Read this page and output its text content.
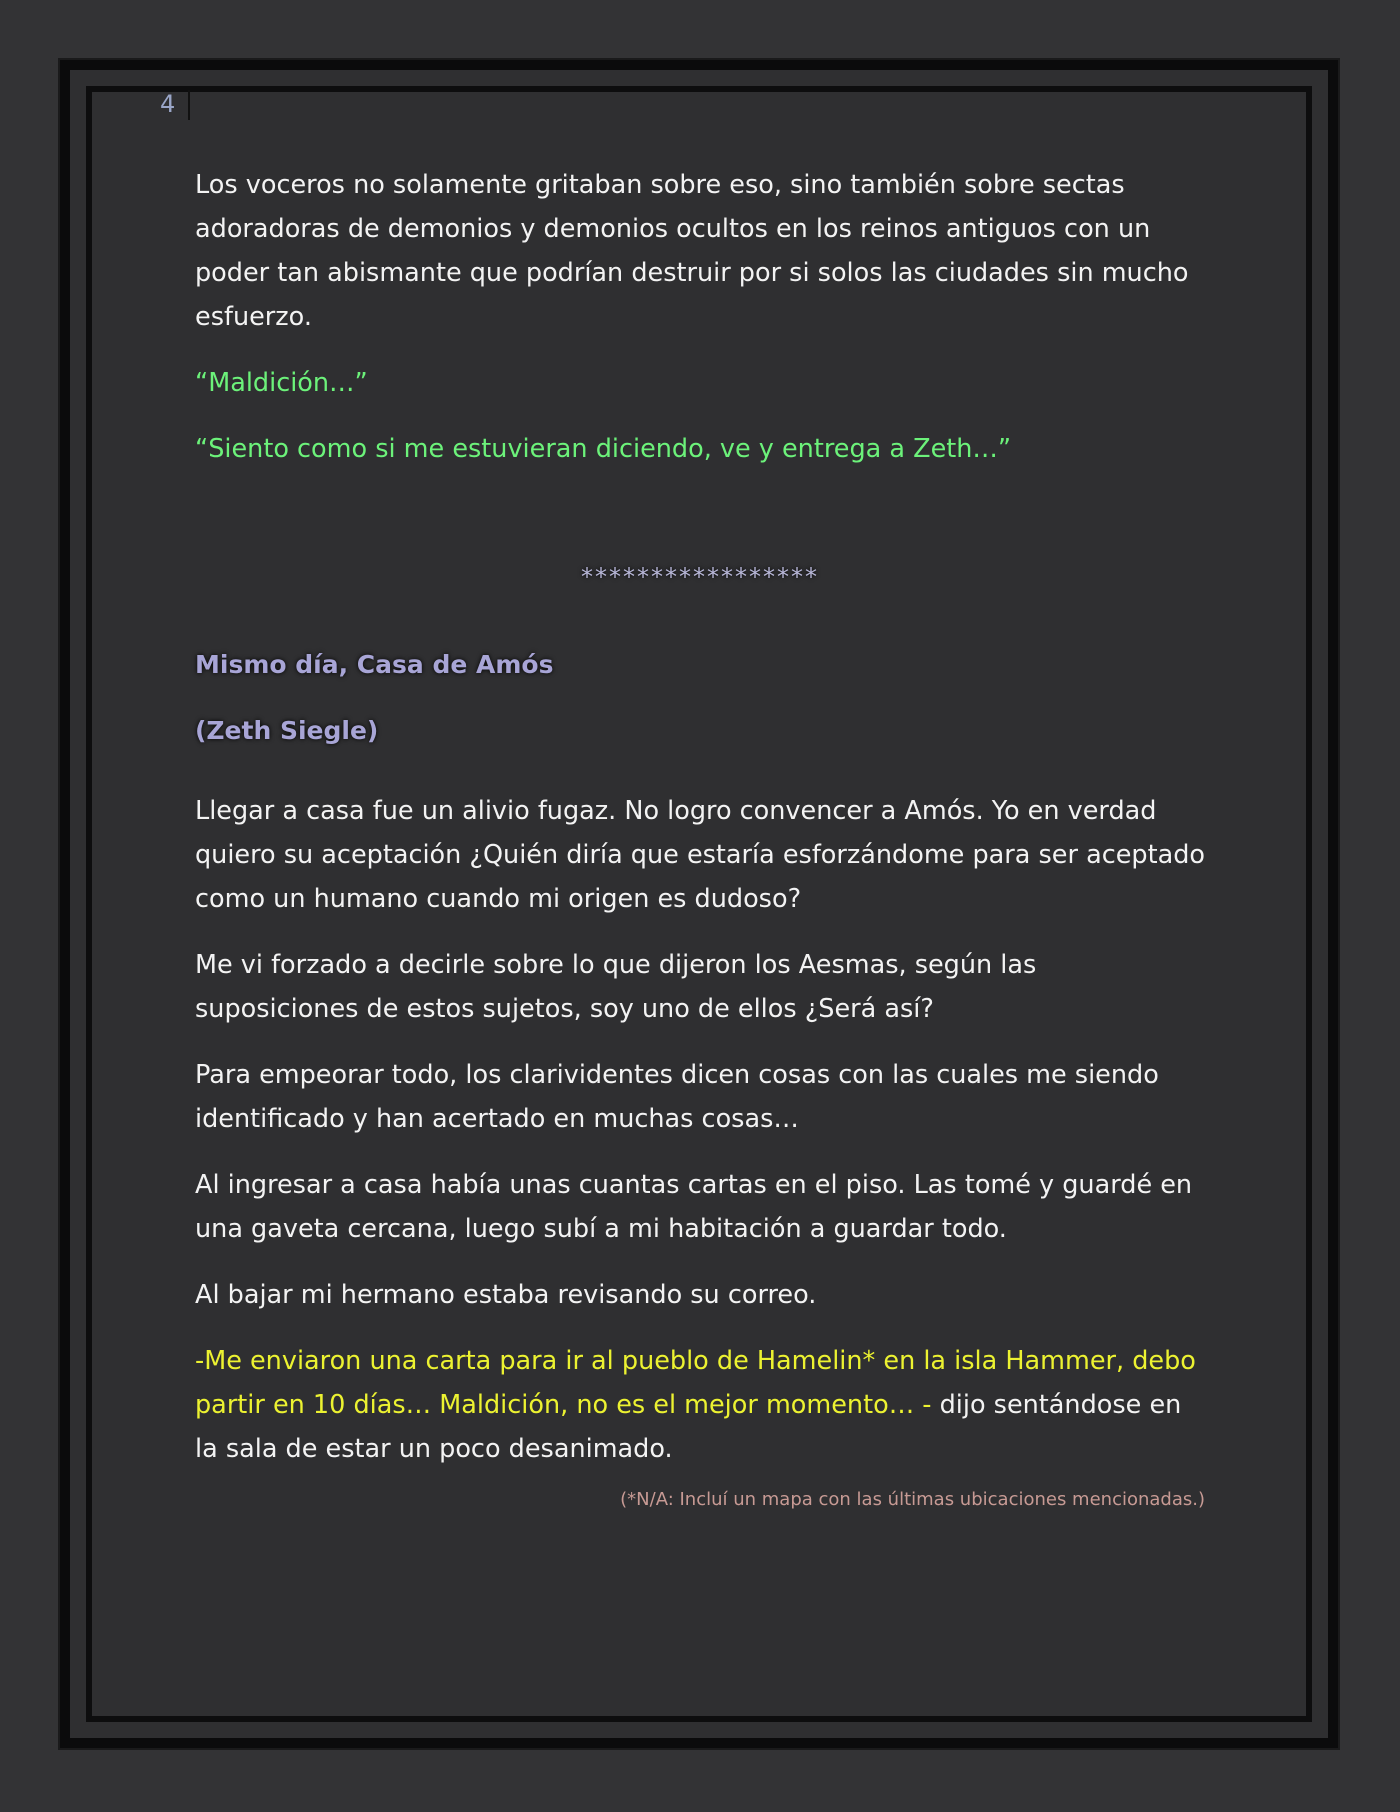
4

Los voceros no solamente gritaban sobre eso, sino también sobre sectas adoradoras de demonios y demonios ocultos en los reinos antiguos con un poder tan abismante que podrían destruir por si solos las ciudades sin mucho esfuerzo.

“Maldición…”

“Siento como si me estuvieran diciendo, ve y entrega a Zeth…”

*****************

Mismo día, Casa de Amós

(Zeth Siegle)

Llegar a casa fue un alivio fugaz. No logro convencer a Amós. Yo en verdad quiero su aceptación ¿Quién diría que estaría esforzándome para ser aceptado como un humano cuando mi origen es dudoso?

Me vi forzado a decirle sobre lo que dijeron los Aesmas, según las suposiciones de estos sujetos, soy uno de ellos ¿Será así?

Para empeorar todo, los clarividentes dicen cosas con las cuales me siendo identificado y han acertado en muchas cosas…

Al ingresar a casa había unas cuantas cartas en el piso. Las tomé y guardé en una gaveta cercana, luego subí a mi habitación a guardar todo.

Al bajar mi hermano estaba revisando su correo.

-Me enviaron una carta para ir al pueblo de Hamelin* en la isla Hammer, debo partir en 10 días… Maldición, no es el mejor momento… - dijo sentándose en la sala de estar un poco desanimado.

(*N/A: Incluí un mapa con las últimas ubicaciones mencionadas.)
